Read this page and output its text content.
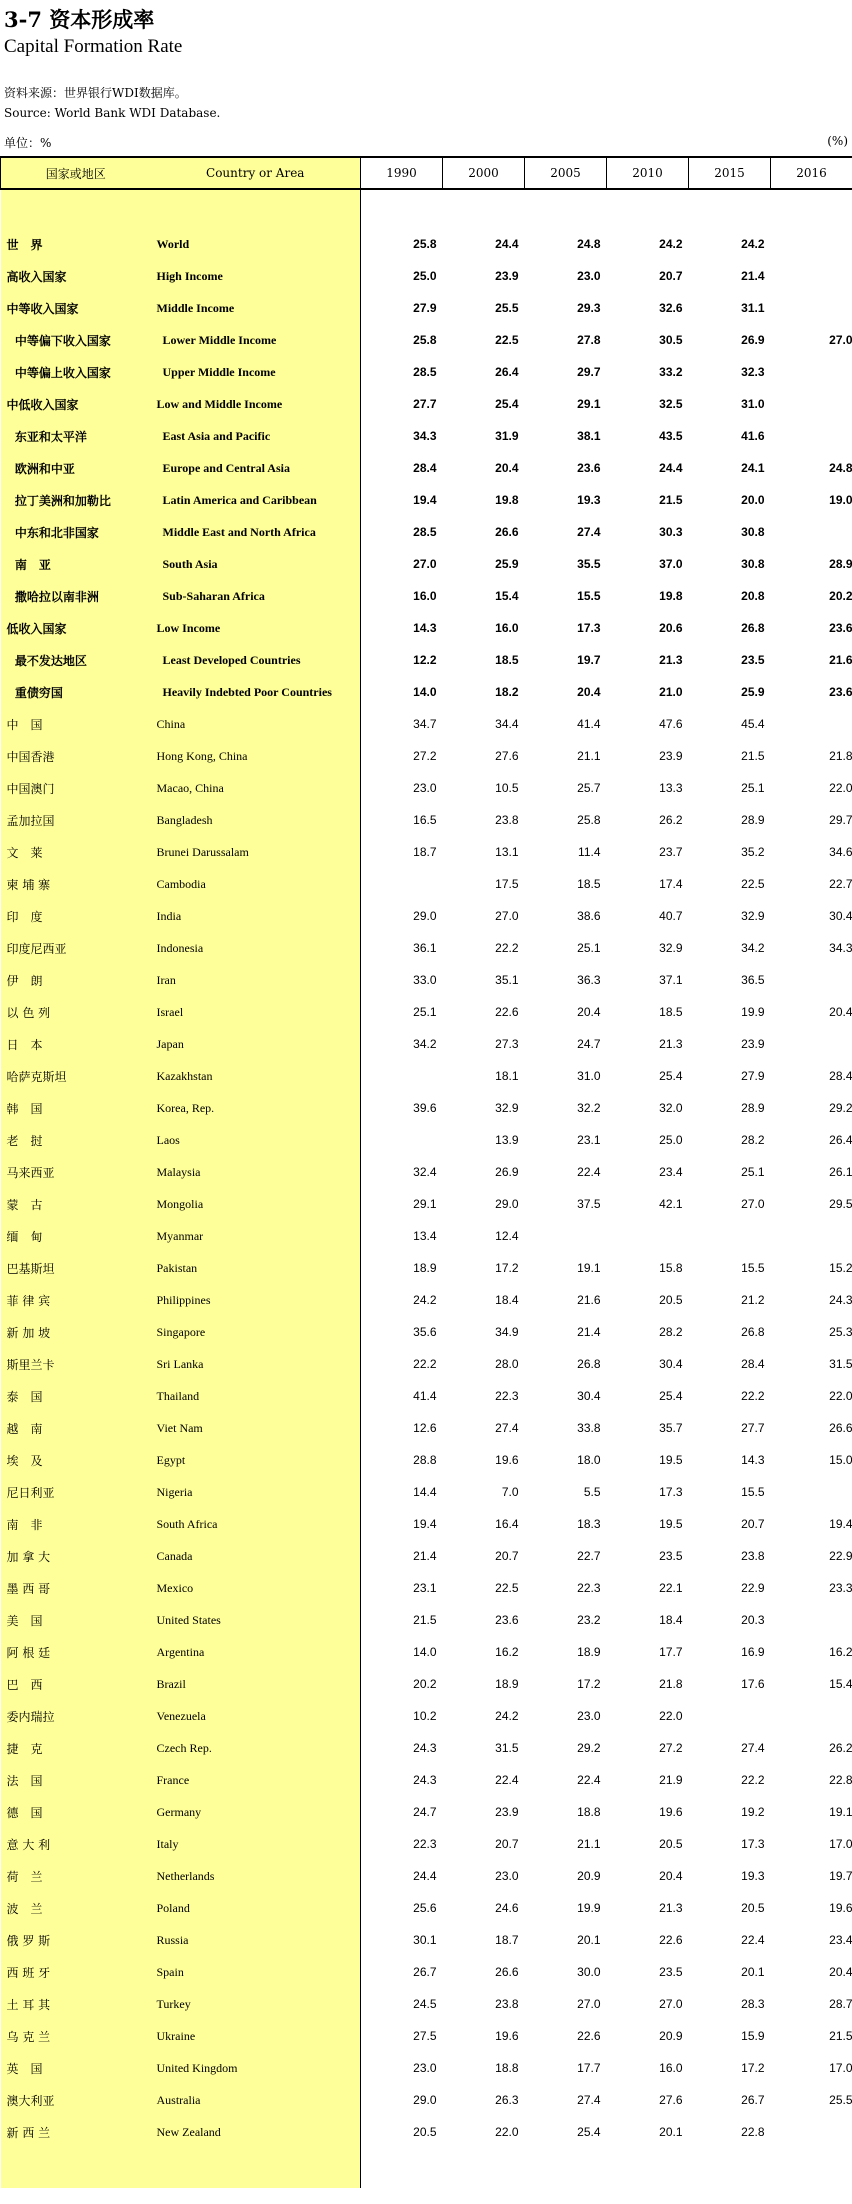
3-7 资本形成率
Capital Formation Rate
资料来源：世界银行WDI数据库。
Source: World Bank WDI Database.
单位：%	(%)
国家或地区	Country or Area	1990	2000	2005	2010	2015	2016

世　界	World	25.8	24.4	24.8	24.2	24.2	
高收入国家	High Income	25.0	23.9	23.0	20.7	21.4	
中等收入国家	Middle Income	27.9	25.5	29.3	32.6	31.1	
中等偏下收入国家	Lower Middle Income	25.8	22.5	27.8	30.5	26.9	27.0
中等偏上收入国家	Upper Middle Income	28.5	26.4	29.7	33.2	32.3	
中低收入国家	Low and Middle Income	27.7	25.4	29.1	32.5	31.0	
东亚和太平洋	East Asia and Pacific	34.3	31.9	38.1	43.5	41.6	
欧洲和中亚	Europe and Central Asia	28.4	20.4	23.6	24.4	24.1	24.8
拉丁美洲和加勒比	Latin America and Caribbean	19.4	19.8	19.3	21.5	20.0	19.0
中东和北非国家	Middle East and North Africa	28.5	26.6	27.4	30.3	30.8	
南　亚	South Asia	27.0	25.9	35.5	37.0	30.8	28.9
撒哈拉以南非洲	Sub-Saharan Africa	16.0	15.4	15.5	19.8	20.8	20.2
低收入国家	Low Income	14.3	16.0	17.3	20.6	26.8	23.6
最不发达地区	Least Developed Countries	12.2	18.5	19.7	21.3	23.5	21.6
重债穷国	Heavily Indebted Poor Countries	14.0	18.2	20.4	21.0	25.9	23.6
中　国	China	34.7	34.4	41.4	47.6	45.4	
中国香港	Hong Kong, China	27.2	27.6	21.1	23.9	21.5	21.8
中国澳门	Macao, China	23.0	10.5	25.7	13.3	25.1	22.0
孟加拉国	Bangladesh	16.5	23.8	25.8	26.2	28.9	29.7
文　莱	Brunei Darussalam	18.7	13.1	11.4	23.7	35.2	34.6
柬 埔 寨	Cambodia		17.5	18.5	17.4	22.5	22.7
印　度	India	29.0	27.0	38.6	40.7	32.9	30.4
印度尼西亚	Indonesia	36.1	22.2	25.1	32.9	34.2	34.3
伊　朗	Iran	33.0	35.1	36.3	37.1	36.5	
以 色 列	Israel	25.1	22.6	20.4	18.5	19.9	20.4
日　本	Japan	34.2	27.3	24.7	21.3	23.9	
哈萨克斯坦	Kazakhstan		18.1	31.0	25.4	27.9	28.4
韩　国	Korea, Rep.	39.6	32.9	32.2	32.0	28.9	29.2
老　挝	Laos		13.9	23.1	25.0	28.2	26.4
马来西亚	Malaysia	32.4	26.9	22.4	23.4	25.1	26.1
蒙　古	Mongolia	29.1	29.0	37.5	42.1	27.0	29.5
缅　甸	Myanmar	13.4	12.4				
巴基斯坦	Pakistan	18.9	17.2	19.1	15.8	15.5	15.2
菲 律 宾	Philippines	24.2	18.4	21.6	20.5	21.2	24.3
新 加 坡	Singapore	35.6	34.9	21.4	28.2	26.8	25.3
斯里兰卡	Sri Lanka	22.2	28.0	26.8	30.4	28.4	31.5
泰　国	Thailand	41.4	22.3	30.4	25.4	22.2	22.0
越　南	Viet Nam	12.6	27.4	33.8	35.7	27.7	26.6
埃　及	Egypt	28.8	19.6	18.0	19.5	14.3	15.0
尼日利亚	Nigeria	14.4	7.0	5.5	17.3	15.5	
南　非	South Africa	19.4	16.4	18.3	19.5	20.7	19.4
加 拿 大	Canada	21.4	20.7	22.7	23.5	23.8	22.9
墨 西 哥	Mexico	23.1	22.5	22.3	22.1	22.9	23.3
美　国	United States	21.5	23.6	23.2	18.4	20.3	
阿 根 廷	Argentina	14.0	16.2	18.9	17.7	16.9	16.2
巴　西	Brazil	20.2	18.9	17.2	21.8	17.6	15.4
委内瑞拉	Venezuela	10.2	24.2	23.0	22.0		
捷　克	Czech Rep.	24.3	31.5	29.2	27.2	27.4	26.2
法　国	France	24.3	22.4	22.4	21.9	22.2	22.8
德　国	Germany	24.7	23.9	18.8	19.6	19.2	19.1
意 大 利	Italy	22.3	20.7	21.1	20.5	17.3	17.0
荷　兰	Netherlands	24.4	23.0	20.9	20.4	19.3	19.7
波　兰	Poland	25.6	24.6	19.9	21.3	20.5	19.6
俄 罗 斯	Russia	30.1	18.7	20.1	22.6	22.4	23.4
西 班 牙	Spain	26.7	26.6	30.0	23.5	20.1	20.4
土 耳 其	Turkey	24.5	23.8	27.0	27.0	28.3	28.7
乌 克 兰	Ukraine	27.5	19.6	22.6	20.9	15.9	21.5
英　国	United Kingdom	23.0	18.8	17.7	16.0	17.2	17.0
澳大利亚	Australia	29.0	26.3	27.4	27.6	26.7	25.5
新 西 兰	New Zealand	20.5	22.0	25.4	20.1	22.8	
